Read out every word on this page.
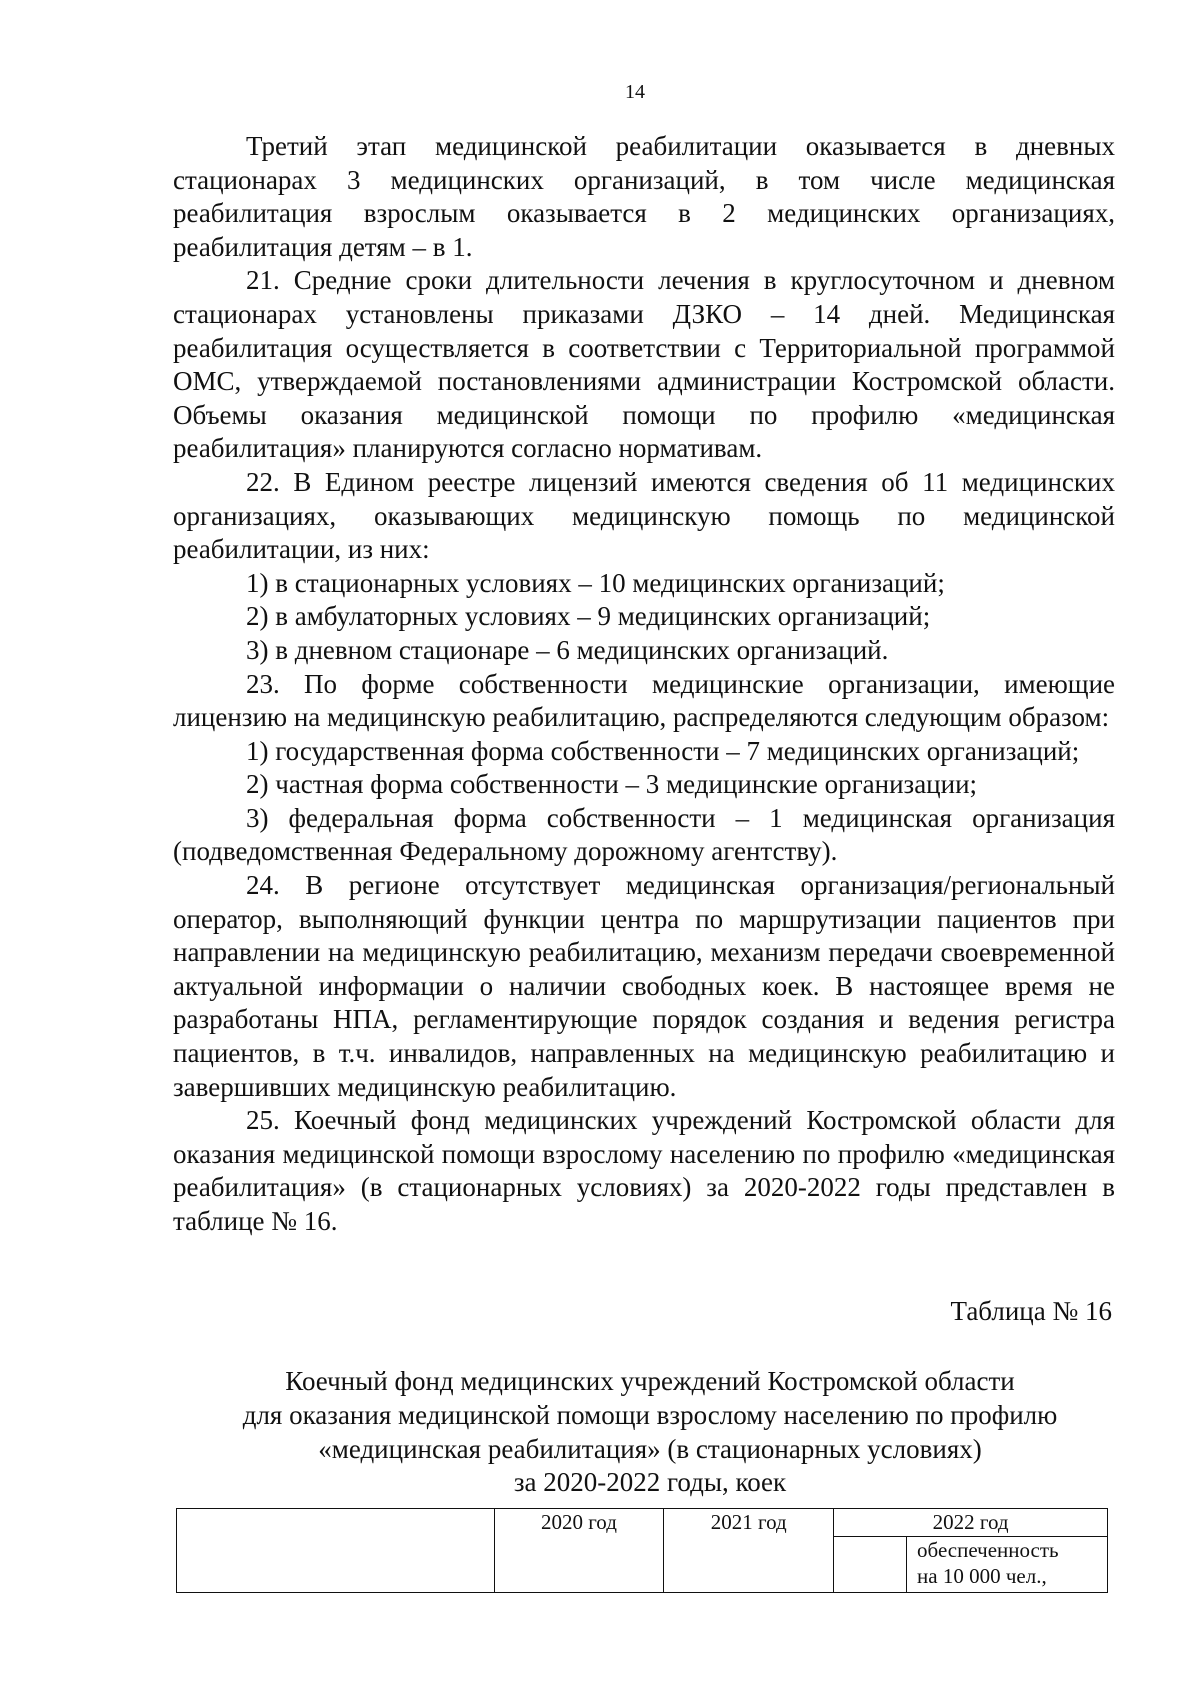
14

Третий этап медицинской реабилитации оказывается в дневных стационарах 3 медицинских организаций, в том числе медицинская реабилитация взрослым оказывается в 2 медицинских организациях, реабилитация детям – в 1.

21. Средние сроки длительности лечения в круглосуточном и дневном стационарах установлены приказами ДЗКО – 14 дней. Медицинская реабилитация осуществляется в соответствии с Территориальной программой ОМС, утверждаемой постановлениями администрации Костромской области. Объемы оказания медицинской помощи по профилю «медицинская реабилитация» планируются согласно нормативам.

22. В Едином реестре лицензий имеются сведения об 11 медицинских организациях, оказывающих медицинскую помощь по медицинской реабилитации, из них:

1) в стационарных условиях – 10 медицинских организаций;

2) в амбулаторных условиях – 9 медицинских организаций;

3) в дневном стационаре – 6 медицинских организаций.

23. По форме собственности медицинские организации, имеющие лицензию на медицинскую реабилитацию, распределяются следующим образом:

1) государственная форма собственности – 7 медицинских организаций;

2) частная форма собственности – 3 медицинские организации;

3) федеральная форма собственности – 1 медицинская организация (подведомственная Федеральному дорожному агентству).

24. В регионе отсутствует медицинская организация/региональный оператор, выполняющий функции центра по маршрутизации пациентов при направлении на медицинскую реабилитацию, механизм передачи своевременной актуальной информации о наличии свободных коек. В настоящее время не разработаны НПА, регламентирующие порядок создания и ведения регистра пациентов, в т.ч. инвалидов, направленных на медицинскую реабилитацию и завершивших медицинскую реабилитацию.

25. Коечный фонд медицинских учреждений Костромской области для оказания медицинской помощи взрослому населению по профилю «медицинская реабилитация» (в стационарных условиях) за 2020-2022 годы представлен в таблице № 16.

Таблица № 16
Коечный фонд медицинских учреждений Костромской области
для оказания медицинской помощи взрослому населению по профилю
«медицинская реабилитация» (в стационарных условиях)
за 2020-2022 годы, коек
	2020 год	2021 год	2022 год	

				обеспеченность
на 10 000 чел.,
